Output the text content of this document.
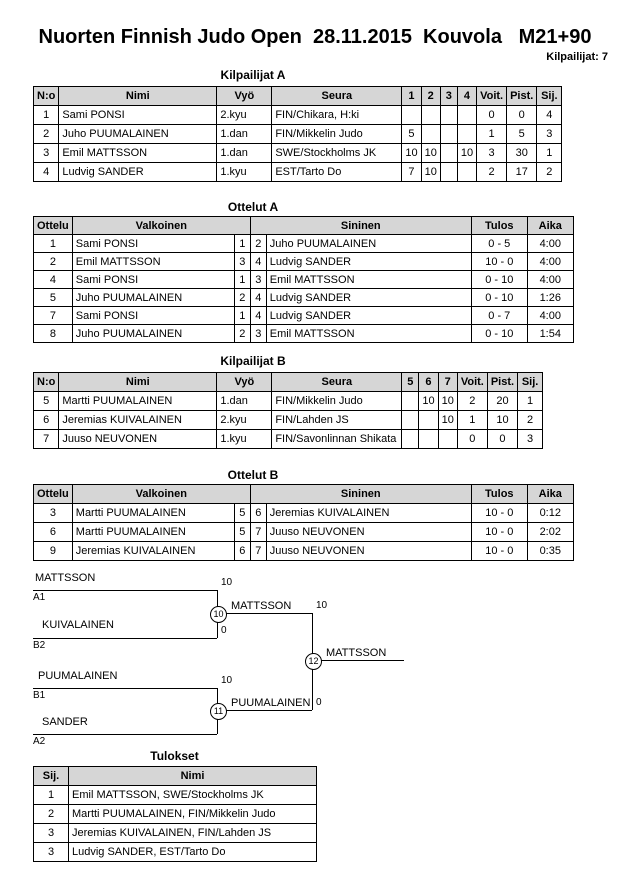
Nuorten Finnish Judo Open  28.11.2015  Kouvola   M21+90
Kilpailijat: 7
Kilpailijat A
N:o	Nimi	Vyö	Seura	1	2	3	4	Voit.	Pist.	Sij.
1	Sami PONSI	2.kyu	FIN/Chikara, H:ki					0	0	4
2	Juho PUUMALAINEN	1.dan	FIN/Mikkelin Judo	5				1	5	3
3	Emil MATTSSON	1.dan	SWE/Stockholms JK	10	10		10	3	30	1
4	Ludvig SANDER	1.kyu	EST/Tarto Do	7	10			2	17	2
Ottelut A
Ottelu	Valkoinen		Sininen		Tulos	Aika
1	Sami PONSI	1	2	Juho PUUMALAINEN	0 - 5	4:00
2	Emil MATTSSON	3	4	Ludvig SANDER	10 - 0	4:00
4	Sami PONSI	1	3	Emil MATTSSON	0 - 10	4:00
5	Juho PUUMALAINEN	2	4	Ludvig SANDER	0 - 10	1:26
7	Sami PONSI	1	4	Ludvig SANDER	0 - 7	4:00
8	Juho PUUMALAINEN	2	3	Emil MATTSSON	0 - 10	1:54
Kilpailijat B
N:o	Nimi	Vyö	Seura	5	6	7	Voit.	Pist.	Sij.
5	Martti PUUMALAINEN	1.dan	FIN/Mikkelin Judo		10	10	2	20	1
6	Jeremias KUIVALAINEN	2.kyu	FIN/Lahden JS			10	1	10	2
7	Juuso NEUVONEN	1.kyu	FIN/Savonlinnan Shikata				0	0	3
Ottelut B
Ottelu	Valkoinen		Sininen		Tulos	Aika
3	Martti PUUMALAINEN	5	6	Jeremias KUIVALAINEN	10 - 0	0:12
6	Martti PUUMALAINEN	5	7	Juuso NEUVONEN	10 - 0	2:02
9	Jeremias KUIVALAINEN	6	7	Juuso NEUVONEN	10 - 0	0:35
MATTSSON	10
A1
KUIVALAINEN	0
B2
MATTSSON 10
10
PUUMALAINEN	10
B1
SANDER
A2
PUUMALAINEN 0
11
MATTSSON
12
Tulokset
Sij.	Nimi
1	Emil MATTSSON, SWE/Stockholms JK
2	Martti PUUMALAINEN, FIN/Mikkelin Judo
3	Jeremias KUIVALAINEN, FIN/Lahden JS
3	Ludvig SANDER, EST/Tarto Do
